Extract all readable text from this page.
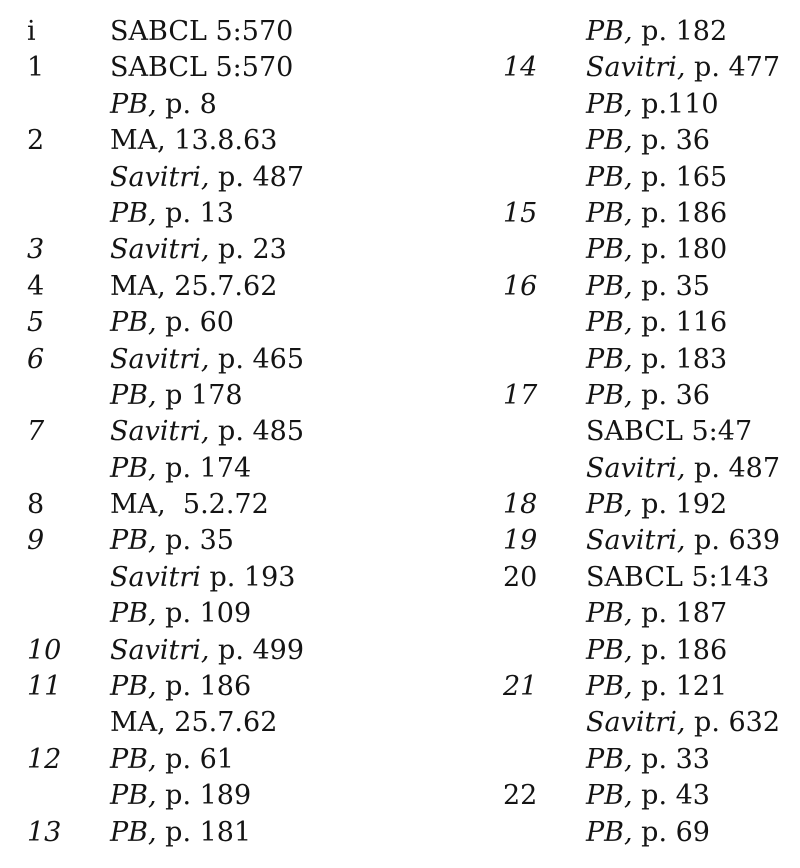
i	SABCL 5:570
1	SABCL 5:570
PB, p. 8
2	MA, 13.8.63
Savitri, p. 487
PB, p. 13
3	Savitri, p. 23
4	MA, 25.7.62
5	PB, p. 60
6	Savitri, p. 465
PB, p 178
7	Savitri, p. 485
PB, p. 174
8	MA,  5.2.72
9	PB, p. 35
Savitri p. 193
PB, p. 109
10	Savitri, p. 499
11	PB, p. 186
MA, 25.7.62
12	PB, p. 61
PB, p. 189
13	PB, p. 181
PB, p. 182
14	Savitri, p. 477
PB, p.110
PB, p. 36
PB, p. 165
15	PB, p. 186
PB, p. 180
16	PB, p. 35
PB, p. 116
PB, p. 183
17	PB, p. 36
SABCL 5:47
Savitri, p. 487
18	PB, p. 192
19	Savitri, p. 639
20	SABCL 5:143
PB, p. 187
PB, p. 186
21	PB, p. 121
Savitri, p. 632
PB, p. 33
22	PB, p. 43
PB, p. 69
